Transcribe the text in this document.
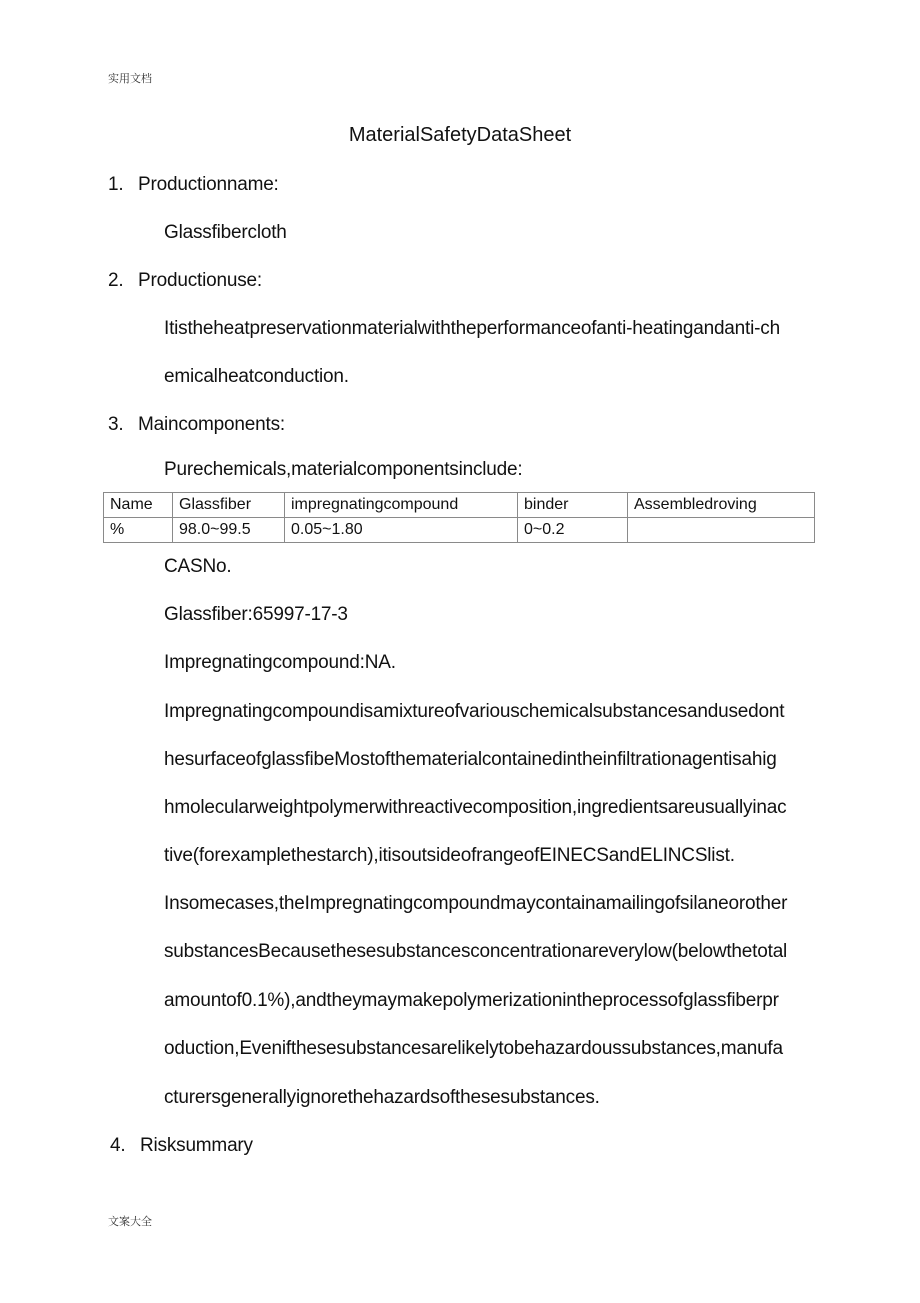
实用文档
MaterialSafetyDataSheet
1. Productionname:
Glassfibercloth
2. Productionuse:
Itistheheatpreservationmaterialwiththeperformanceofanti-heatingandanti-ch
emicalheatconduction.
3. Maincomponents:
Purechemicals,materialcomponentsinclude:
Name	Glassfiber	impregnatingcompound	binder	Assembledroving
%	98.0~99.5	0.05~1.80	0~0.2	
CASNo.
Glassfiber:65997-17-3
Impregnatingcompound:NA.
Impregnatingcompoundisamixtureofvariouschemicalsubstancesandusedont
hesurfaceofglassfibeMostofthematerialcontainedintheinfiltrationagentisahig
hmolecularweightpolymerwithreactivecomposition,ingredientsareusuallyinac
tive(forexamplethestarch),itisoutsideofrangeofEINECSandELINCSlist.
Insomecases,theImpregnatingcompoundmaycontainamailingofsilaneorother
substancesBecausethesesubstancesconcentrationareverylow(belowthetotal
amountof0.1%),andtheymaymakepolymerizationintheprocessofglassfiberpr
oduction,Evenifthesesubstancesarelikelytobehazardoussubstances,manufa
cturersgenerallyignorethehazardsofthesesubstances.
4. Risksummary
文案大全
